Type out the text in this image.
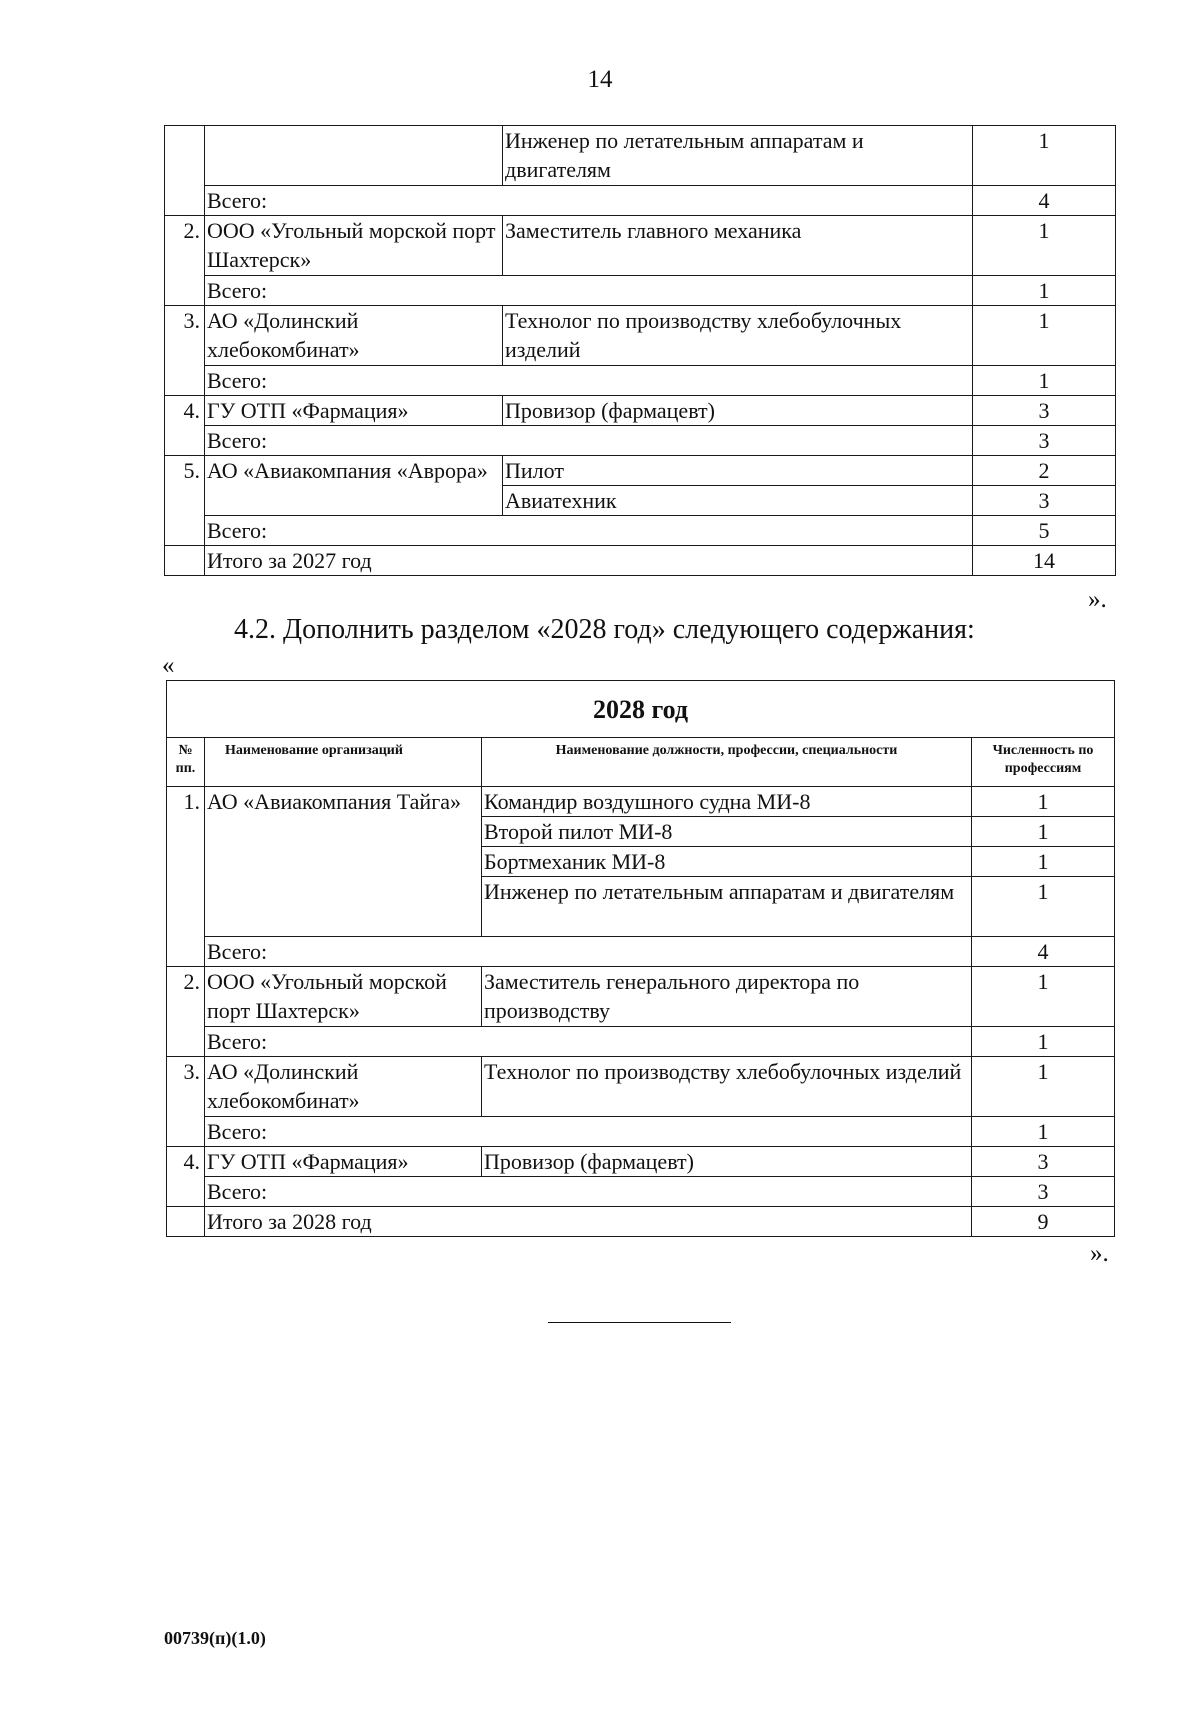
14
		Инженер по летательным аппаратам и двигателям	1
	Всего:		4
2.	ООО «Угольный морской порт Шахтерск»	Заместитель главного механика	1
	Всего:		1
3.	АО «Долинский хлебокомбинат»	Технолог по производству хлебобулочных изделий	1
	Всего:		1
4.	ГУ ОТП «Фармация»	Провизор (фармацевт)	3
	Всего:		3
5.	АО «Авиакомпания «Аврора»	Пилот	2
		Авиатехник	3
	Всего:		5
	Итого за 2027 год		14
».
4.2. Дополнить разделом «2028 год» следующего содержания:
«
2028 год			
№ пп.	Наименование организаций	Наименование должности, профессии, специальности	Численность по профессиям
1.	АО «Авиакомпания Тайга»	Командир воздушного судна МИ-8	1
		Второй пилот МИ-8	1
		Бортмеханик МИ-8	1
		Инженер по летательным аппаратам и двигателям	1
	Всего:		4
2.	ООО «Угольный морской порт Шахтерск»	Заместитель генерального директора по производству	1
	Всего:		1
3.	АО «Долинский хлебокомбинат»	Технолог по производству хлебобулочных изделий	1
	Всего:		1
4.	ГУ ОТП «Фармация»	Провизор (фармацевт)	3
	Всего:		3
	Итого за 2028 год		9
».
00739(п)(1.0)
